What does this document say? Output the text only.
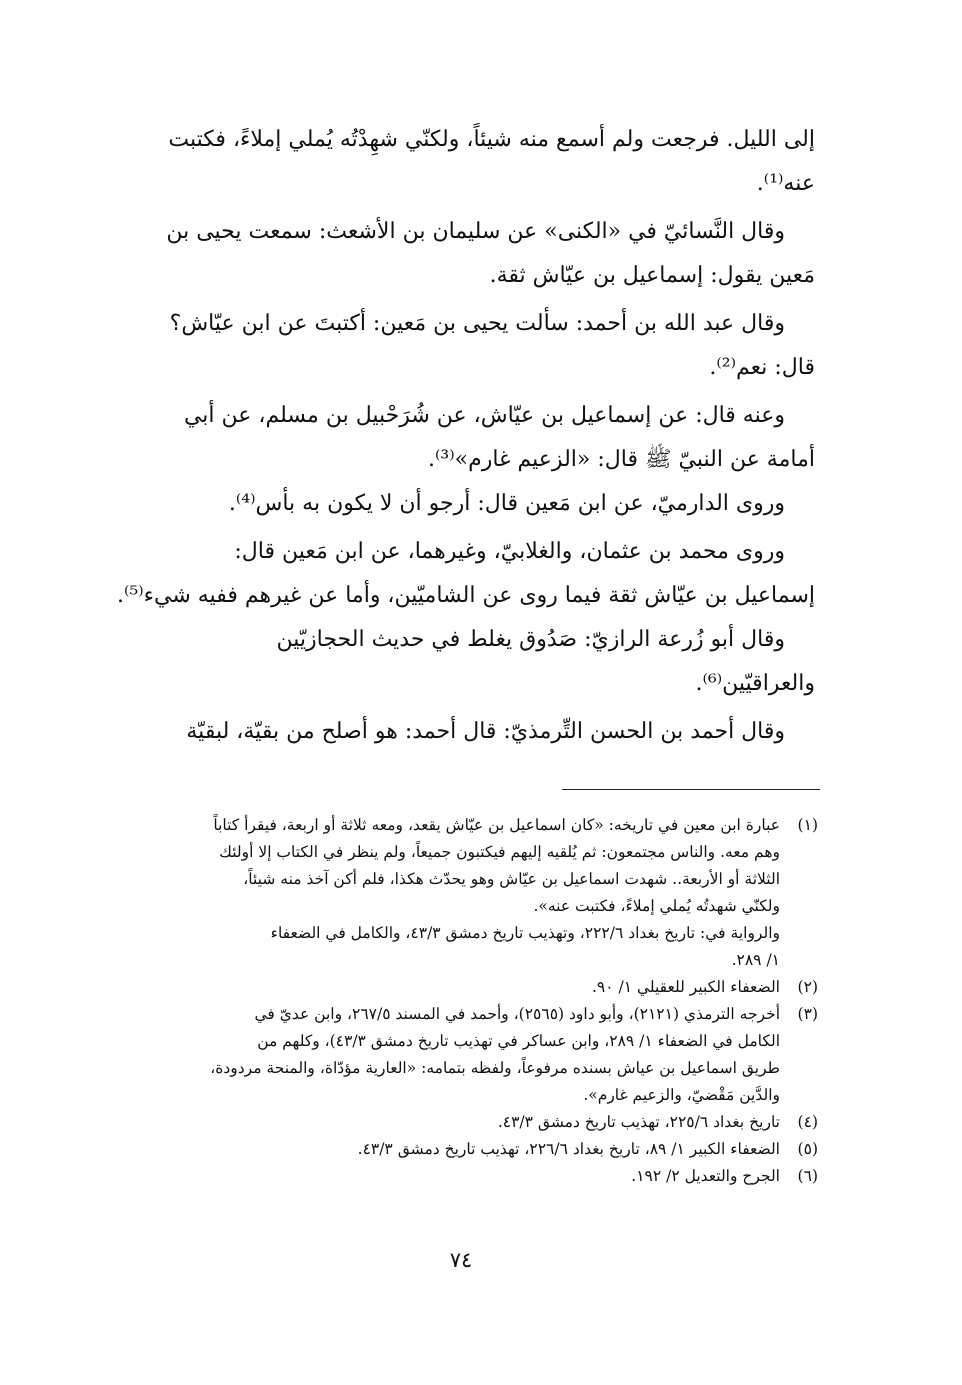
إلى الليل. فرجعت ولم أسمع منه شيئاً، ولكنّي شهِدْتُه يُملي إملاءً، فكتبت
عنه⁽¹⁾.
وقال النَّسائيّ في «الكنى» عن سليمان بن الأشعث: سمعت يحيى بن
مَعين يقول: إسماعيل بن عيّاش ثقة.
وقال عبد الله بن أحمد: سألت يحيى بن مَعين: أكتبتَ عن ابن عيّاش؟
قال: نعم⁽²⁾.
وعنه قال: عن إسماعيل بن عيّاش، عن شُرَحْبيل بن مسلم، عن أبي
أمامة عن النبيّ ﷺ قال: «الزعيم غارم»⁽³⁾.
وروى الدارميّ، عن ابن مَعين قال: أرجو أن لا يكون به بأس⁽⁴⁾.
وروى محمد بن عثمان، والغلابيّ، وغيرهما، عن ابن مَعين قال:
إسماعيل بن عيّاش ثقة فيما روى عن الشاميّين، وأما عن غيرهم ففيه شيء⁽⁵⁾.
وقال أبو زُرعة الرازيّ: صَدُوق يغلط في حديث الحجازيّين
والعراقيّين⁽⁶⁾.
وقال أحمد بن الحسن التِّرمذيّ: قال أحمد: هو أصلح من بقيّة، لبقيّة
(١)عبارة ابن معين في تاريخه: «كان اسماعيل بن عيّاش يقعد، ومعه ثلاثة أو اربعة، فيقرأ كتاباً
وهم معه. والناس مجتمعون: ثم يُلقيه إليهم فيكتبون جميعاً، ولم ينظر في الكتاب إلا أولئك
الثلاثة أو الأربعة.. شهدت اسماعيل بن عيّاش وهو يحدّث هكذا، فلم أكن آخذ منه شيئاً،
ولكنّي شهدتُه يُملي إملاءً، فكتبت عنه».
والرواية في: تاريخ بغداد ٢٢٢/٦، وتهذيب تاريخ دمشق ٤٣/٣، والكامل في الضعفاء
١/ ٢٨٩.
(٢)الضعفاء الكبير للعقيلي ١/ ٩٠.
(٣)أخرجه الترمذي (٢١٢١)، وأبو داود (٢٥٦٥)، وأحمد في المسند ٢٦٧/٥، وابن عديّ في
الكامل في الضعفاء ١/ ٢٨٩، وابن عساكر في تهذيب تاريخ دمشق ٤٣/٣)، وكلهم من
طريق اسماعيل بن عياش بسنده مرفوعاً، ولفظه بتمامه: «العارية مؤدّاة، والمنحة مردودة،
والدَّين مَقْضيّ، والزعيم غارم».
(٤)تاريخ بغداد ٢٢٥/٦، تهذيب تاريخ دمشق ٤٣/٣.
(٥)الضعفاء الكبير ١/ ٨٩، تاريخ بغداد ٢٢٦/٦، تهذيب تاريخ دمشق ٤٣/٣.
(٦)الجرح والتعديل ٢/ ١٩٢.
٧٤
